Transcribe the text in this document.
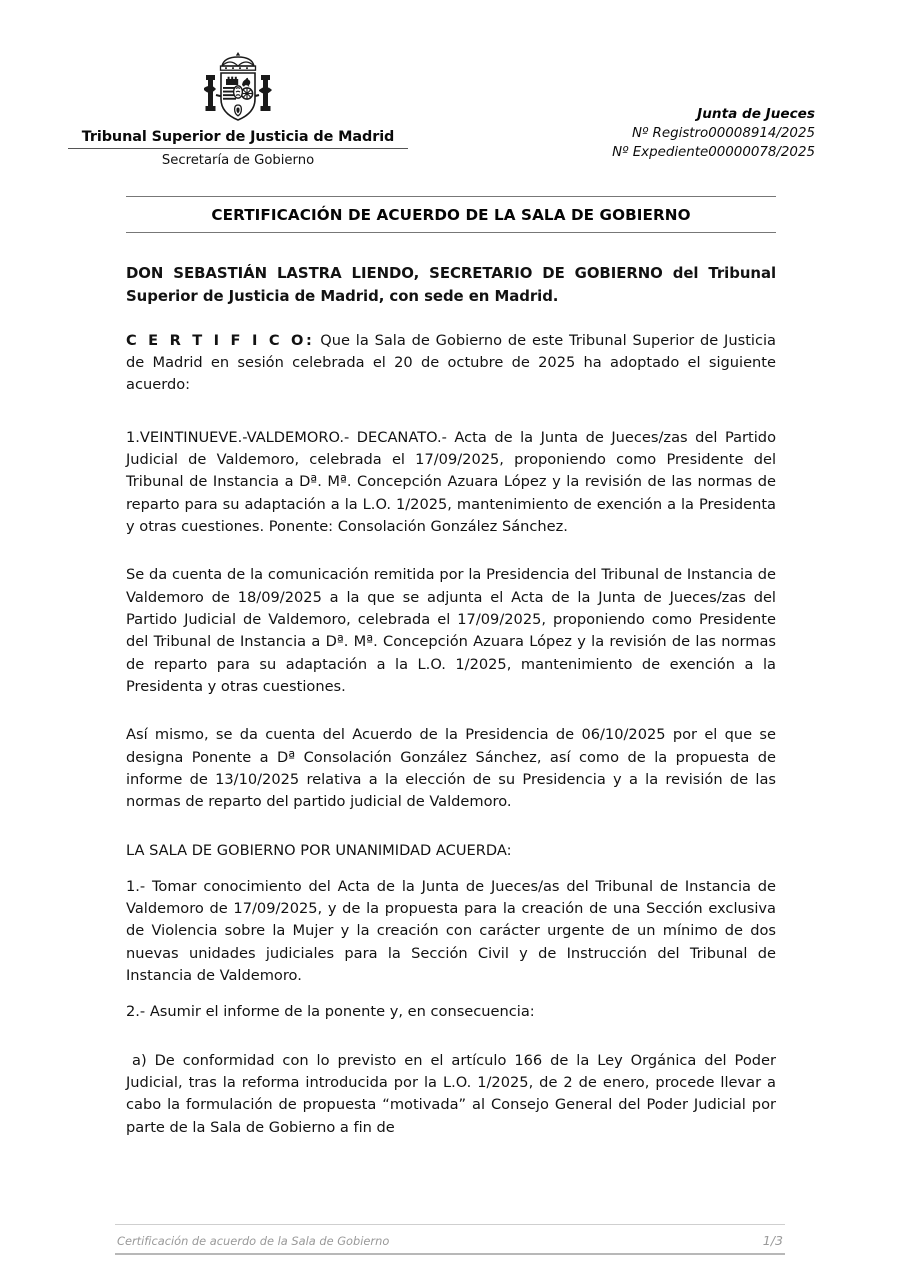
Tribunal Superior de Justicia de Madrid
Secretaría de Gobierno
Junta de Jueces
Nº Registro00008914/2025
Nº Expediente00000078/2025
CERTIFICACIÓN DE ACUERDO DE LA SALA DE GOBIERNO

DON SEBASTIÁN LASTRA LIENDO, SECRETARIO DE GOBIERNO del Tribunal Superior de Justicia de Madrid, con sede en Madrid.

C E R T I F I C O: Que la Sala de Gobierno de este Tribunal Superior de Justicia de Madrid en sesión celebrada el 20 de octubre de 2025 ha adoptado el siguiente acuerdo:

1.VEINTINUEVE.-VALDEMORO.- DECANATO.- Acta de la Junta de Jueces/zas del Partido Judicial de Valdemoro, celebrada el 17/09/2025, proponiendo como Presidente del Tribunal de Instancia a Dª. Mª. Concepción Azuara López y la revisión de las normas de reparto para su adaptación a la L.O. 1/2025, mantenimiento de exención a la Presidenta y otras cuestiones. Ponente: Consolación González Sánchez.

Se da cuenta de la comunicación remitida por la Presidencia del Tribunal de Instancia de Valdemoro de 18/09/2025 a la que se adjunta el Acta de la Junta de Jueces/zas del Partido Judicial de Valdemoro, celebrada el 17/09/2025, proponiendo como Presidente del Tribunal de Instancia a Dª. Mª. Concepción Azuara López y la revisión de las normas de reparto para su adaptación a la L.O. 1/2025, mantenimiento de exención a la Presidenta y otras cuestiones.

Así mismo, se da cuenta del Acuerdo de la Presidencia de 06/10/2025 por el que se designa Ponente a Dª Consolación González Sánchez, así como de la propuesta de informe de 13/10/2025 relativa a la elección de su Presidencia y a la revisión de las normas de reparto del partido judicial de Valdemoro.

LA SALA DE GOBIERNO POR UNANIMIDAD ACUERDA:

1.- Tomar conocimiento del Acta de la Junta de Jueces/as del Tribunal de Instancia de Valdemoro de 17/09/2025, y de la propuesta para la creación de una Sección exclusiva de Violencia sobre la Mujer y la creación con carácter urgente de un mínimo de dos nuevas unidades judiciales para la Sección Civil y de Instrucción del Tribunal de Instancia de Valdemoro.

2.- Asumir el informe de la ponente y, en consecuencia:

a) De conformidad con lo previsto en el artículo 166 de la Ley Orgánica del Poder Judicial, tras la reforma introducida por la L.O. 1/2025, de 2 de enero, procede llevar a cabo la formulación de propuesta “motivada” al Consejo General del Poder Judicial por parte de la Sala de Gobierno a fin de

Certificación de acuerdo de la Sala de Gobierno	1/3
